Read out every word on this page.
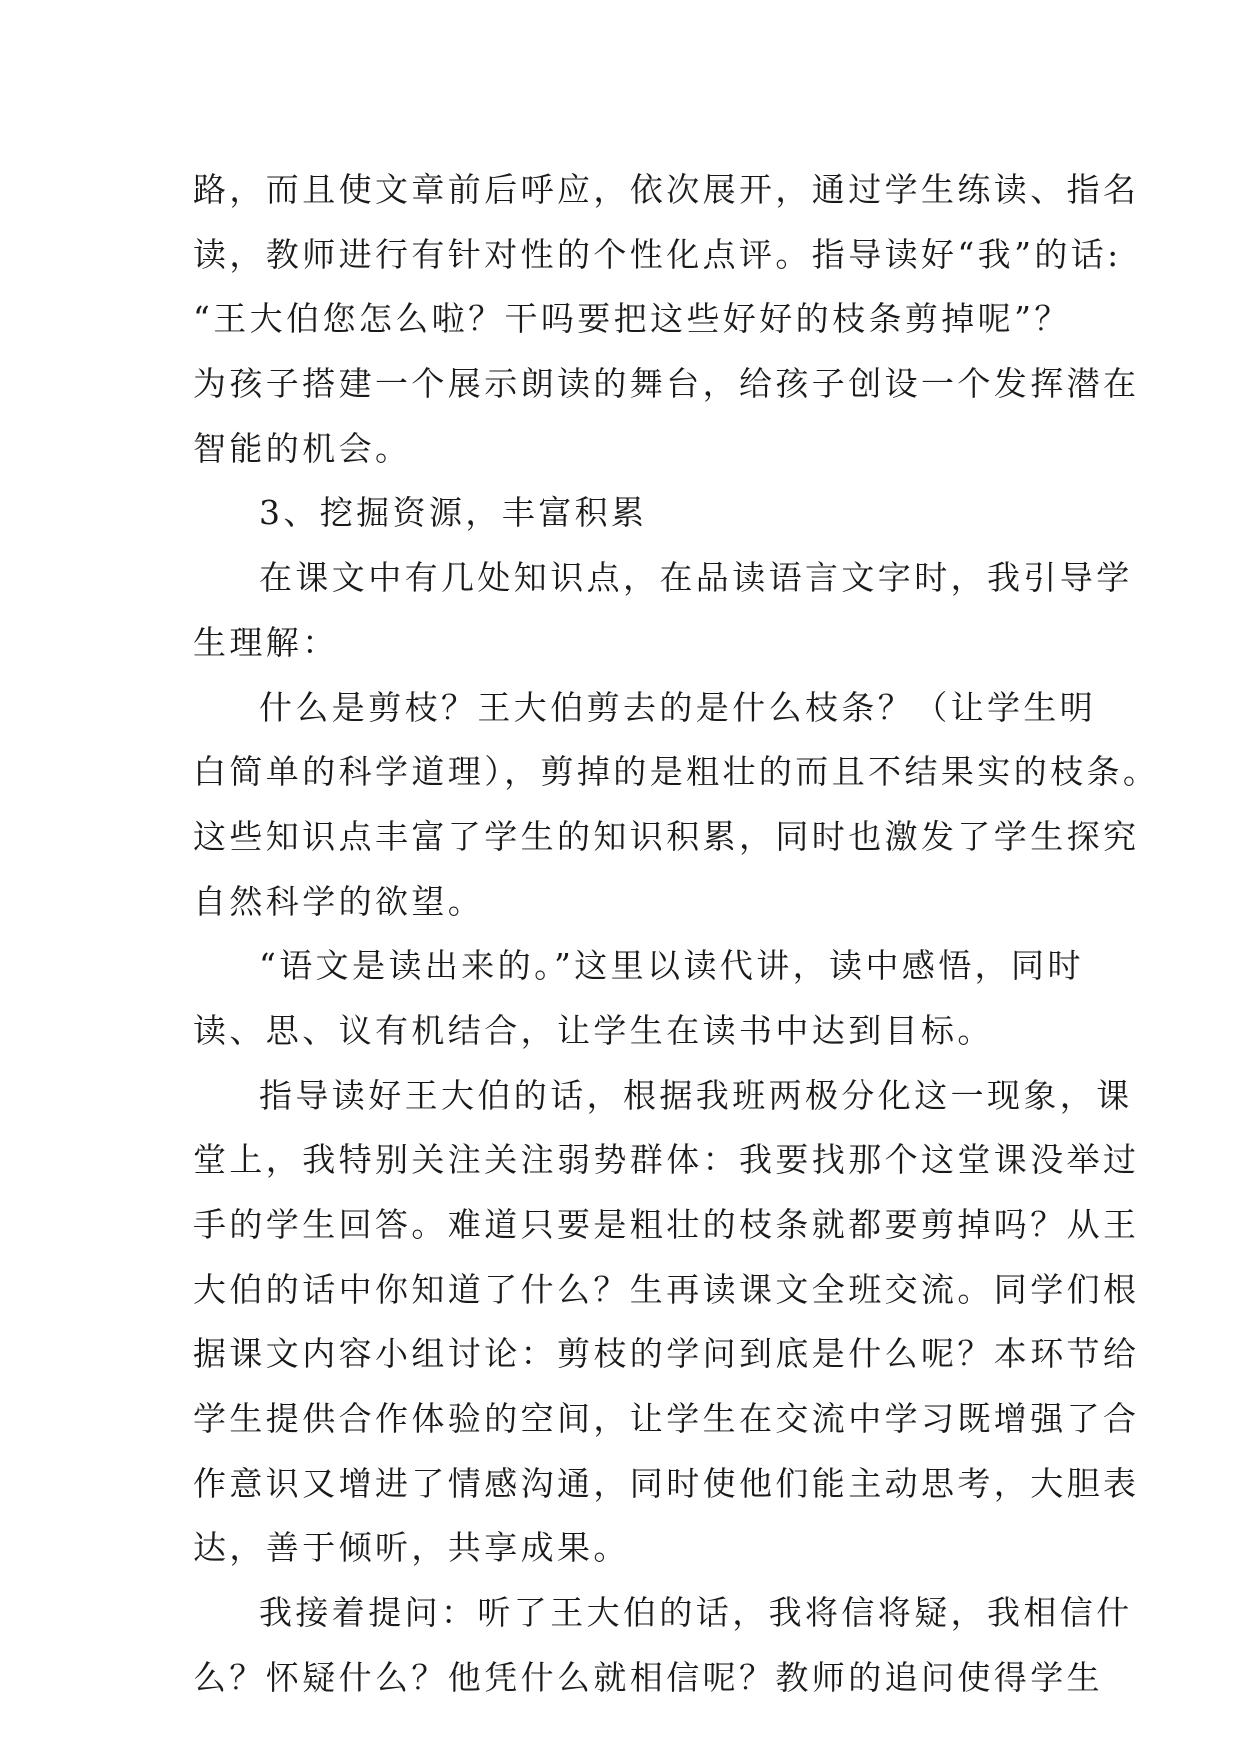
路，而且使文章前后呼应，依次展开，通过学生练读、指名
读，教师进行有针对性的个性化点评。指导读好“我”的话:
“王大伯您怎么啦？干吗要把这些好好的枝条剪掉呢”？
为孩子搭建一个展示朗读的舞台，给孩子创设一个发挥潜在
智能的机会。
3、挖掘资源，丰富积累
在课文中有几处知识点，在品读语言文字时，我引导学
生理解：
什么是剪枝？王大伯剪去的是什么枝条？（让学生明
白简单的科学道理），剪掉的是粗壮的而且不结果实的枝条。
这些知识点丰富了学生的知识积累，同时也激发了学生探究
自然科学的欲望。
“语文是读出来的。”这里以读代讲，读中感悟，同时
读、思、议有机结合，让学生在读书中达到目标。
指导读好王大伯的话，根据我班两极分化这一现象，课
堂上，我特别关注关注弱势群体：我要找那个这堂课没举过
手的学生回答。难道只要是粗壮的枝条就都要剪掉吗？从王
大伯的话中你知道了什么？生再读课文全班交流。同学们根
据课文内容小组讨论：剪枝的学问到底是什么呢？本环节给
学生提供合作体验的空间，让学生在交流中学习既增强了合
作意识又增进了情感沟通，同时使他们能主动思考，大胆表
达，善于倾听，共享成果。
我接着提问：听了王大伯的话，我将信将疑，我相信什
么？怀疑什么？他凭什么就相信呢？教师的追问使得学生
